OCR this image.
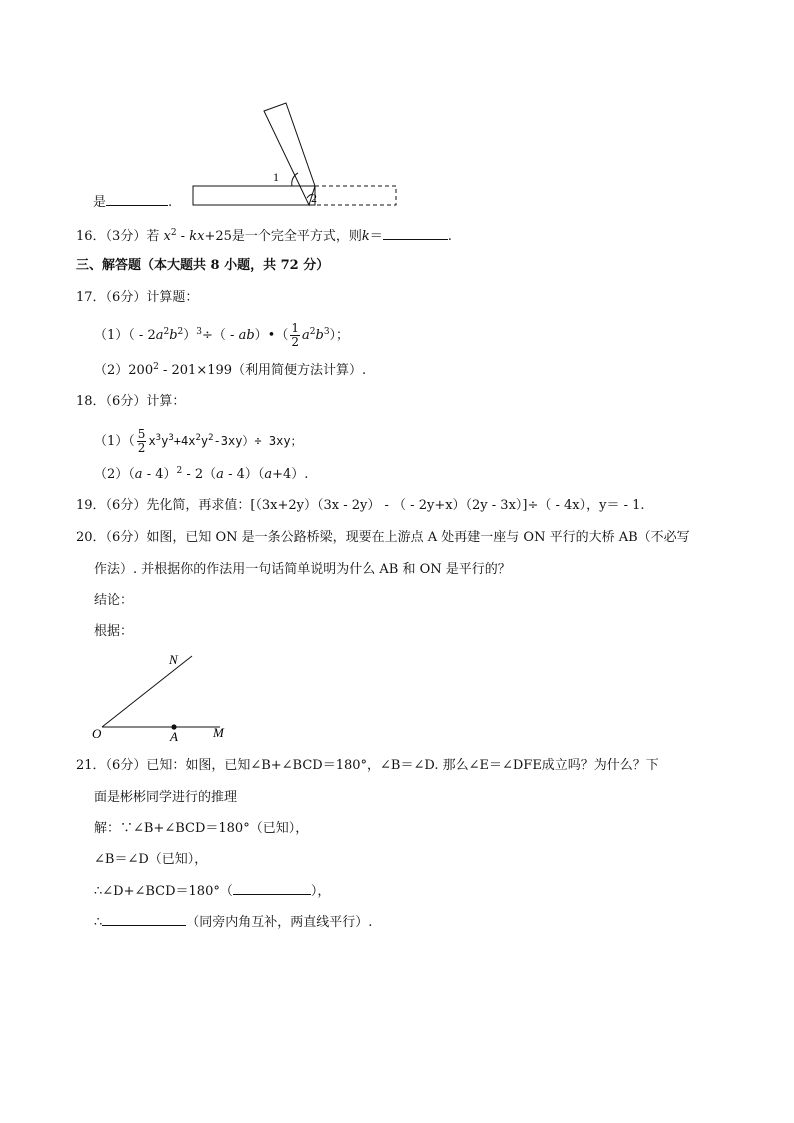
1
2
是	.
16．（3分）若 $x^2 - kx+25$是一个完全平方式，则k＝	.
三、解答题（本大题共 8 小题，共 72 分）
17．（6分）计算题：
$(1)( - 2a^2b^2)^3\div$（ - ab）•（ $\frac{1}{2} a^2b^3$）；
$(2)200^2 - 201\times 199$（利用简便方法计算）.
18．（6分）计算：
$(1)( \frac{5}{2} x^3y^3+4x^2y^2-3xy)\div 3xy$；
（2）（a - 4）$^2$ - 2（a - 4）（a+4）.
19．（6分）先化简，再求值：[（3x+2y）（3x - 2y） - （ - 2y+x）（2y - 3x）]÷（ - 4x），y＝ - 1.
20．（6分）如图，已知 ON 是一条公路桥梁，现要在上游点 A 处再建一座与 ON 平行的大桥 AB（不必写
作法）. 并根据你的作法用一句话简单说明为什么 AB 和 ON 是平行的？
结论：
根据：
N
O	A	M
21．（6分）已知：如图，已知∠B+∠BCD＝180°，∠B＝∠D. 那么∠E＝∠DFE成立吗？为什么？下
面是彬彬同学进行的推理
解：∵∠B+∠BCD＝180°（已知），
∠B＝∠D（已知），
∴∠D+∠BCD＝180°（	），
∴	（同旁内角互补，两直线平行）.
